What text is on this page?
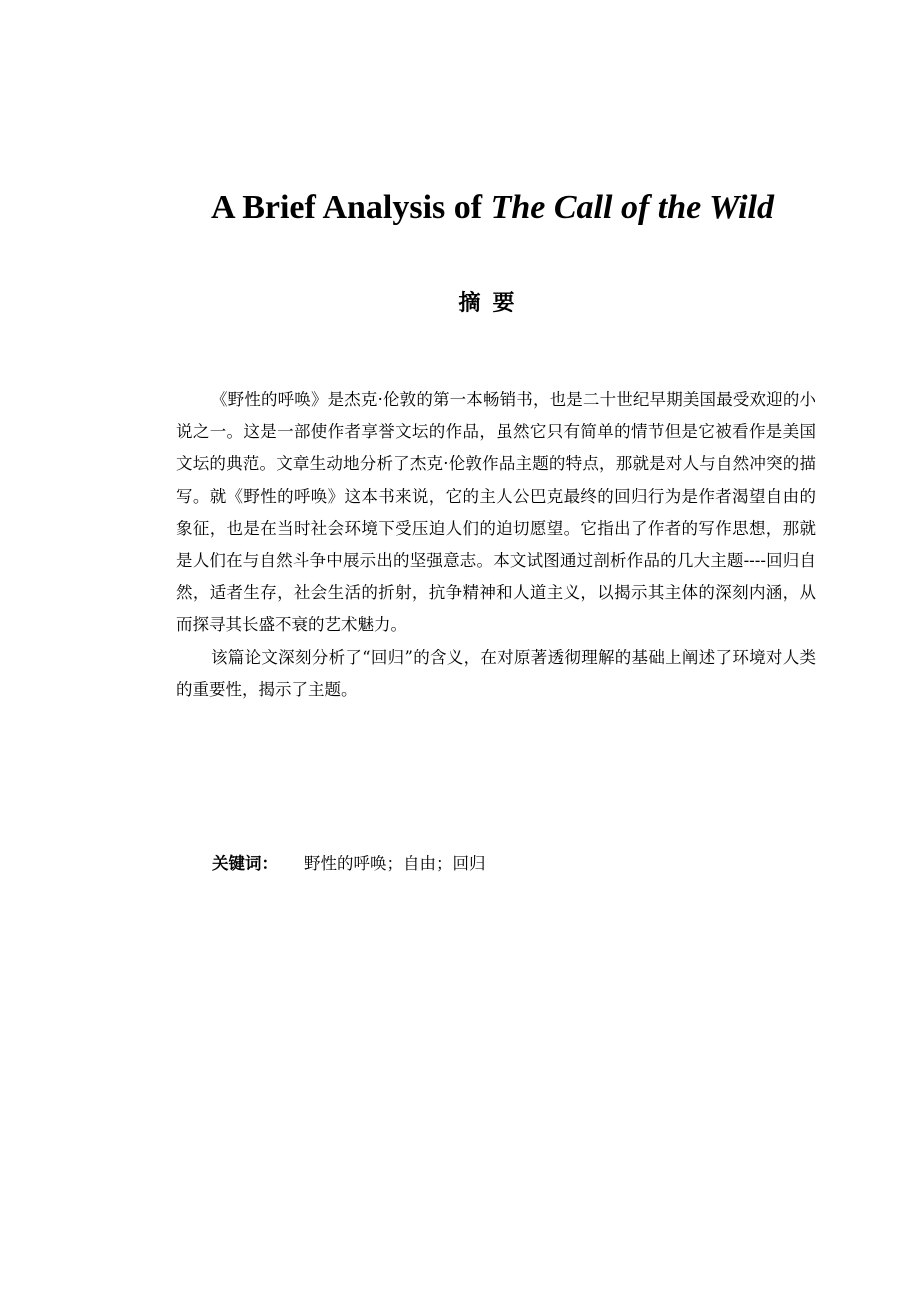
A Brief Analysis of The Call of the Wild
摘要

《野性的呼唤》是杰克·伦敦的第一本畅销书，也是二十世纪早期美国最受欢迎的小说之一。这是一部使作者享誉文坛的作品，虽然它只有简单的情节但是它被看作是美国文坛的典范。文章生动地分析了杰克·伦敦作品主题的特点，那就是对人与自然冲突的描写。就《野性的呼唤》这本书来说，它的主人公巴克最终的回归行为是作者渴望自由的象征，也是在当时社会环境下受压迫人们的迫切愿望。它指出了作者的写作思想，那就是人们在与自然斗争中展示出的坚强意志。本文试图通过剖析作品的几大主题----回归自然，适者生存，社会生活的折射，抗争精神和人道主义，以揭示其主体的深刻内涵，从而探寻其长盛不衰的艺术魅力。

该篇论文深刻分析了“回归”的含义，在对原著透彻理解的基础上阐述了环境对人类的重要性，揭示了主题。

关键词： 野性的呼唤；自由；回归
